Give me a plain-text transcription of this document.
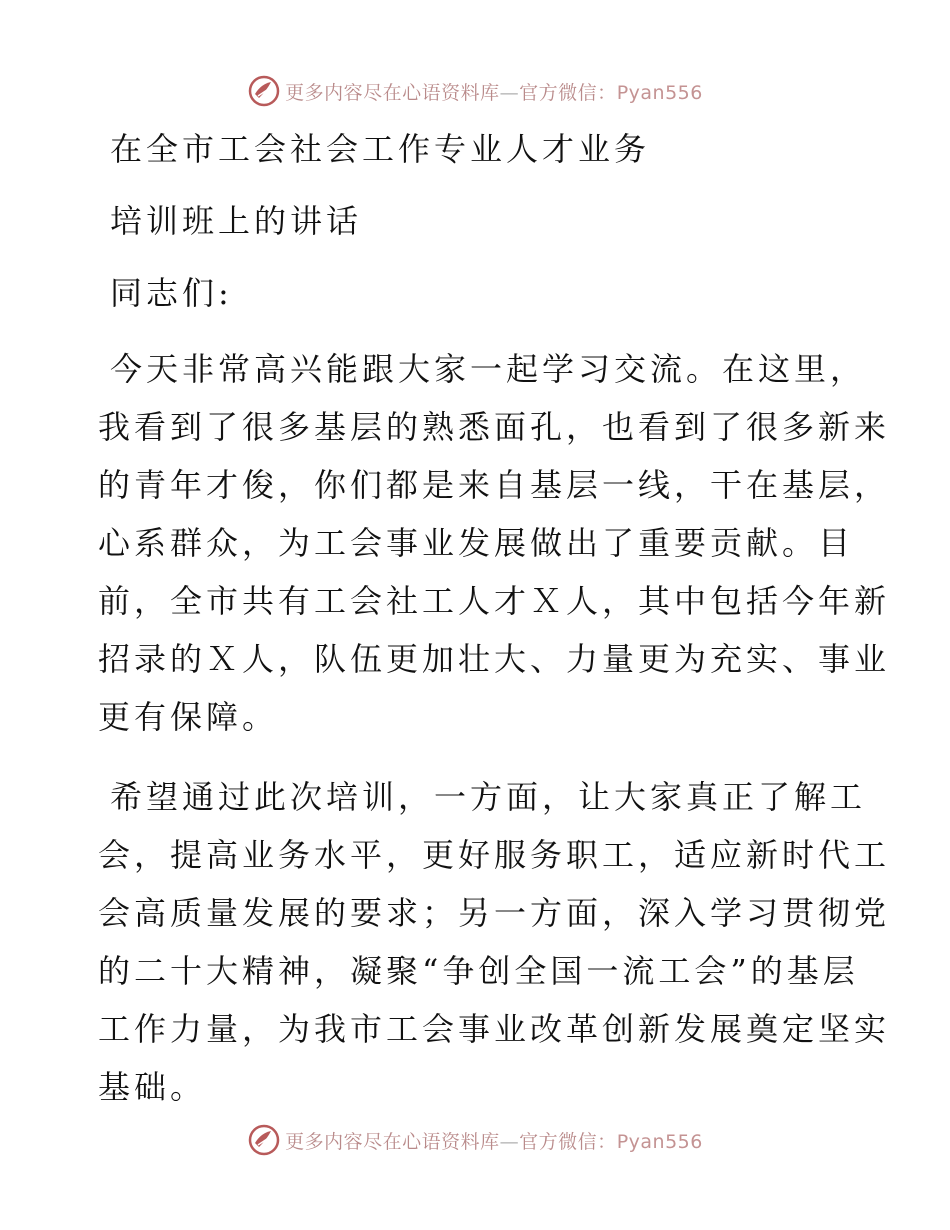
更多内容尽在心语资料库—官方微信：Pyan556
在全市工会社会工作专业人才业务
培训班上的讲话
同志们:
今天非常高兴能跟大家一起学习交流。在这里，
我看到了很多基层的熟悉面孔，也看到了很多新来
的青年才俊，你们都是来自基层一线，干在基层，
心系群众，为工会事业发展做出了重要贡献。目
前，全市共有工会社工人才Ｘ人，其中包括今年新
招录的Ｘ人，队伍更加壮大、力量更为充实、事业
更有保障。
希望通过此次培训，一方面，让大家真正了解工
会，提高业务水平，更好服务职工，适应新时代工
会高质量发展的要求；另一方面，深入学习贯彻党
的二十大精神，凝聚“争创全国一流工会”的基层
工作力量，为我市工会事业改革创新发展奠定坚实
基础。
更多内容尽在心语资料库—官方微信：Pyan556
